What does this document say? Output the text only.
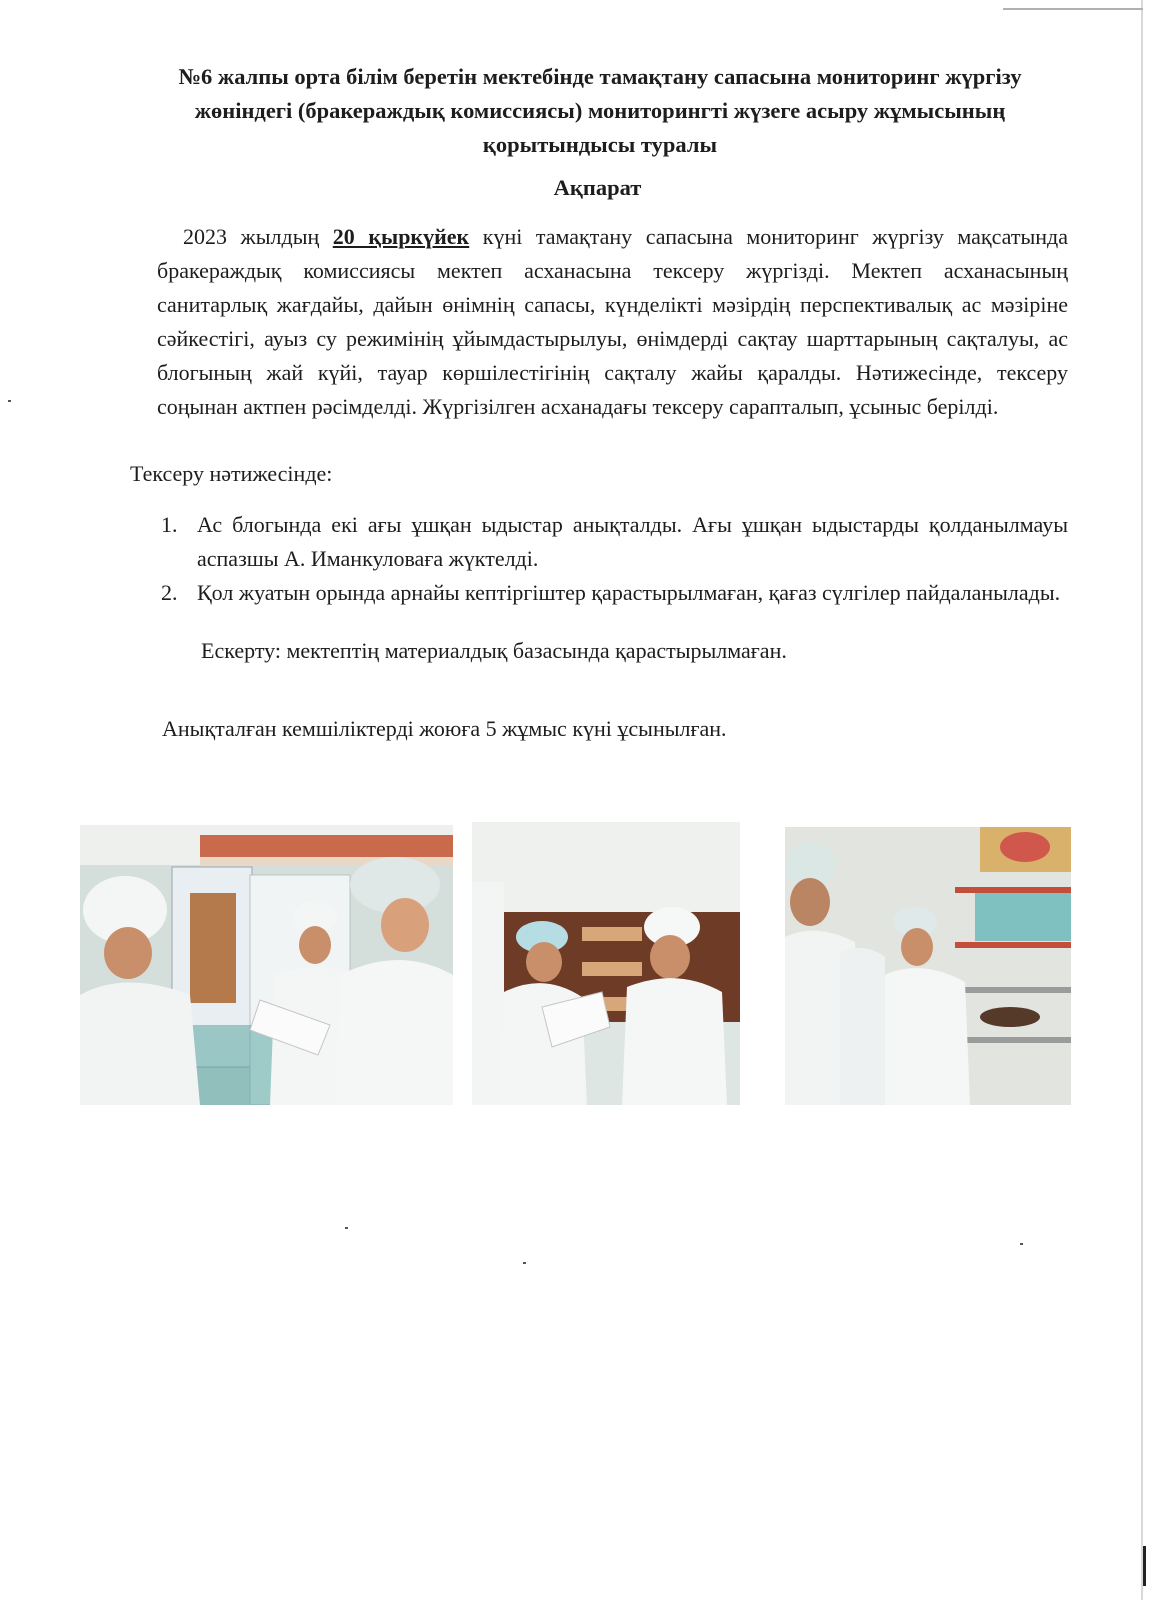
№6 жалпы орта білім беретін мектебінде тамақтану сапасына мониторинг жүргізу жөніндегі (бракераждық комиссиясы) мониторингті жүзеге асыру жұмысының қорытындысы туралы
Ақпарат
2023 жылдың 20 қыркүйек күні тамақтану сапасына мониторинг жүргізу мақсатында бракераждық комиссиясы мектеп асханасына тексеру жүргізді. Мектеп асханасының санитарлық жағдайы, дайын өнімнің сапасы, күнделікті мәзірдің перспективалық ас мәзіріне сәйкестігі, ауыз су режимінің ұйымдастырылуы, өнімдерді сақтау шарттарының сақталуы, ас блогының жай күйі, тауар көршілестігінің сақталу жайы қаралды. Нәтижесінде, тексеру соңынан актпен рәсімделді. Жүргізілген асханадағы тексеру сарапталып, ұсыныс берілді.
Тексеру нәтижесінде:
1. Ас блогында екі ағы ұшқан ыдыстар анықталды. Ағы ұшқан ыдыстарды қолданылмауы аспазшы А. Иманкуловаға жүктелді.
2. Қол жуатын орында арнайы кептіргіштер қарастырылмаған, қағаз сүлгілер пайдаланылады.
Ескерту: мектептің материалдық базасында қарастырылмаған.
Анықталған кемшіліктерді жоюға 5 жұмыс күні ұсынылған.
